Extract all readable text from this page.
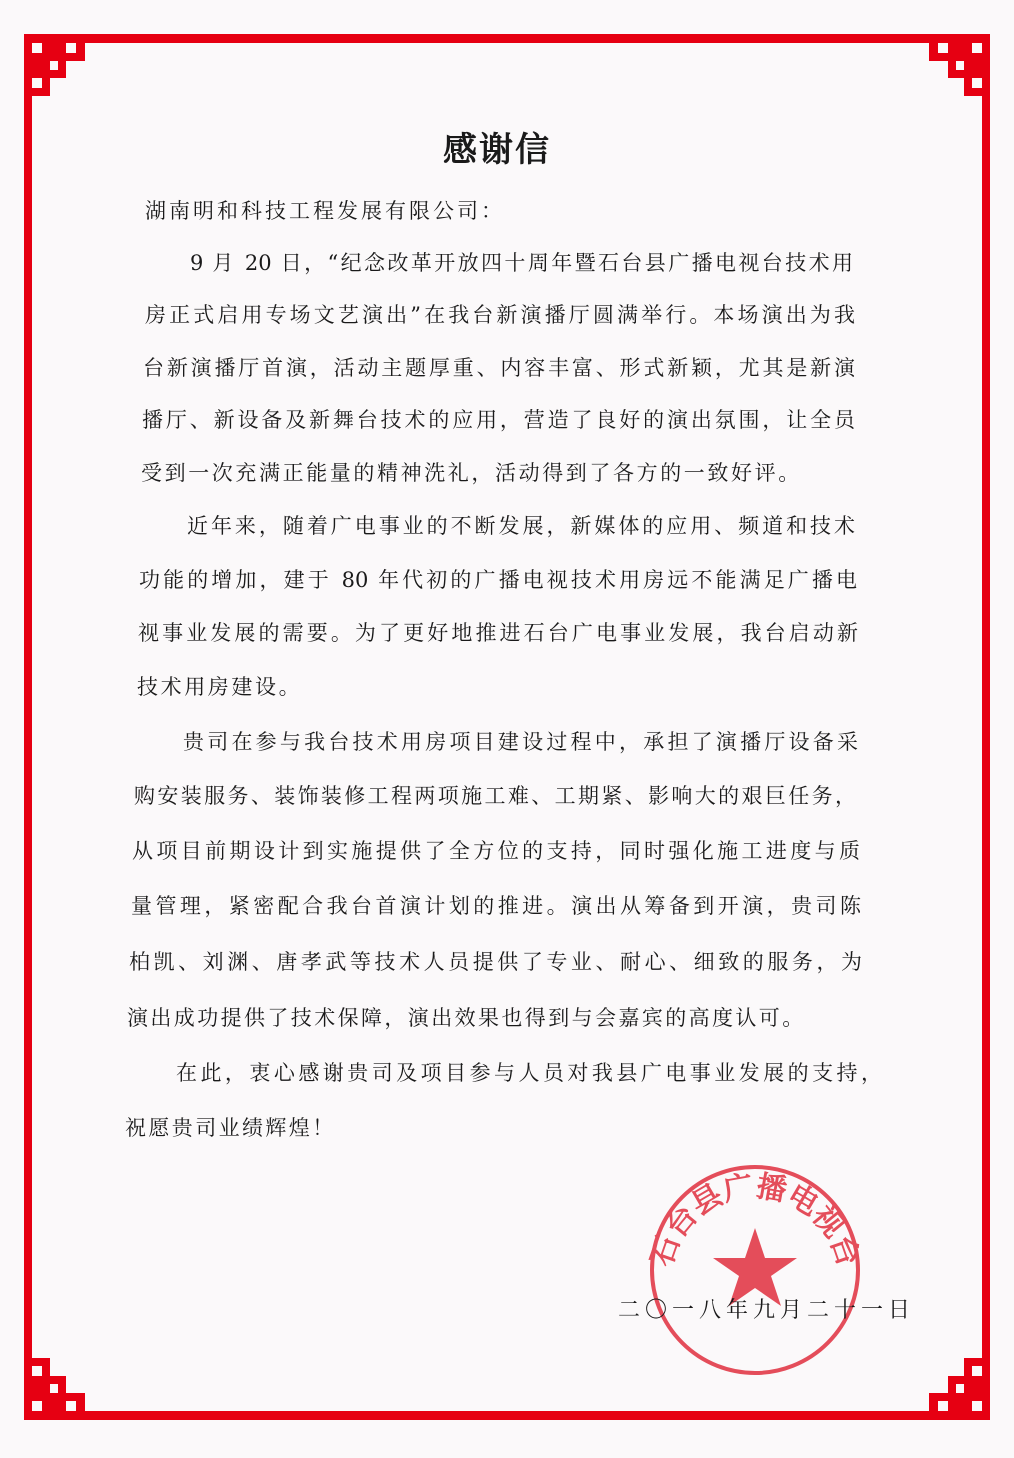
感谢信
湖南明和科技工程发展有限公司：
9 月 20 日，“纪念改革开放四十周年暨石台县广播电视台技术用
房正式启用专场文艺演出”在我台新演播厅圆满举行。本场演出为我
台新演播厅首演，活动主题厚重、内容丰富、形式新颖，尤其是新演
播厅、新设备及新舞台技术的应用，营造了良好的演出氛围，让全员
受到一次充满正能量的精神洗礼，活动得到了各方的一致好评。
近年来，随着广电事业的不断发展，新媒体的应用、频道和技术
功能的增加，建于 80 年代初的广播电视技术用房远不能满足广播电
视事业发展的需要。为了更好地推进石台广电事业发展，我台启动新
技术用房建设。
贵司在参与我台技术用房项目建设过程中，承担了演播厅设备采
购安装服务、装饰装修工程两项施工难、工期紧、影响大的艰巨任务，
从项目前期设计到实施提供了全方位的支持，同时强化施工进度与质
量管理，紧密配合我台首演计划的推进。演出从筹备到开演，贵司陈
柏凯、刘渊、唐孝武等技术人员提供了专业、耐心、细致的服务，为
演出成功提供了技术保障，演出效果也得到与会嘉宾的高度认可。
在此，衷心感谢贵司及项目参与人员对我县广电事业发展的支持，
祝愿贵司业绩辉煌！
石台县广播电视台
二〇一八年九月二十一日
